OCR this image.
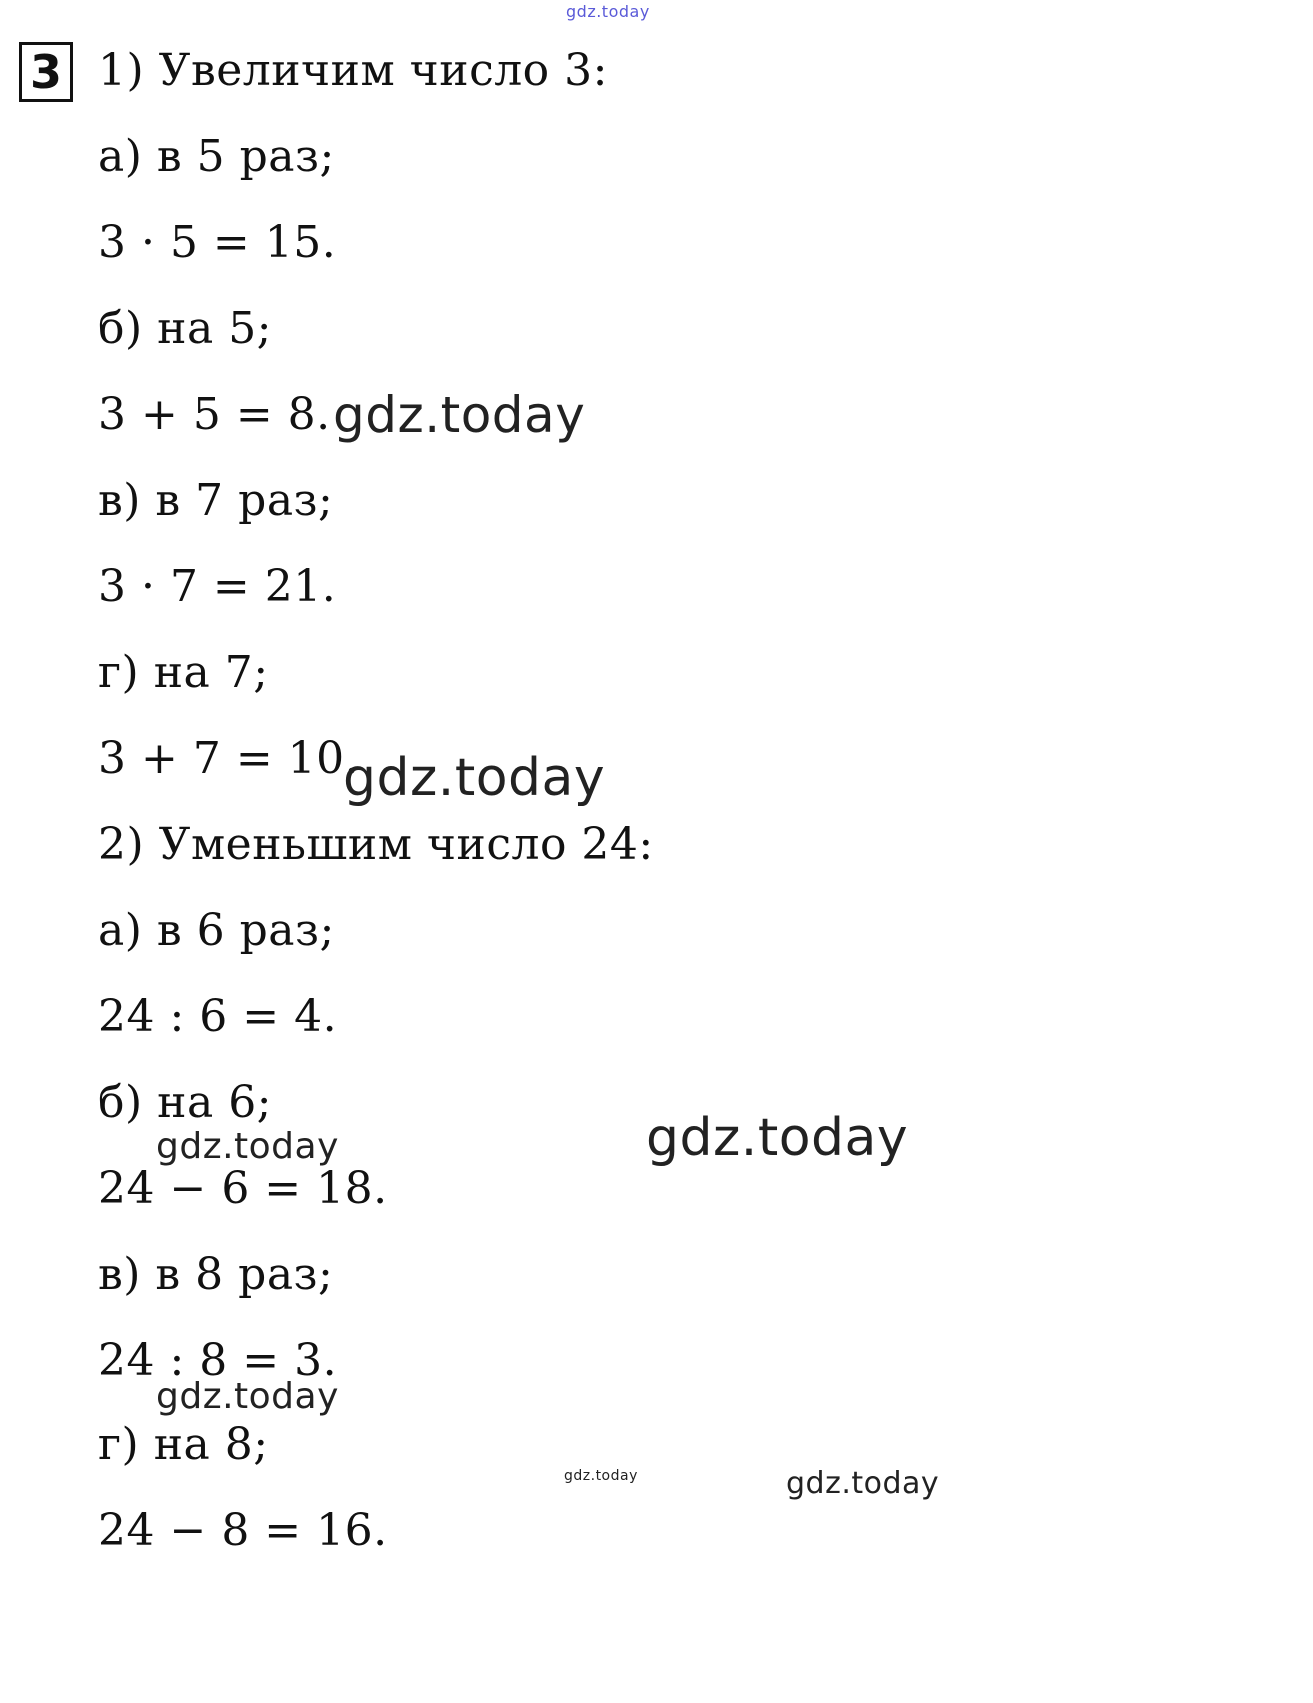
3 1) Увеличим число 3:
а) в 5 раз;
3 · 5 = 15.
б) на 5;
3 + 5 = 8.
в) в 7 раз;
3 · 7 = 21.
г) на 7;
3 + 7 = 10.
2) Уменьшим число 24:
а) в 6 раз;
24 : 6 = 4.
б) на 6;
24 − 6 = 18.
в) в 8 раз;
24 : 8 = 3.
г) на 8;
24 − 8 = 16.
gdz.today
gdz.today
gdz.today
gdz.today
gdz.today
gdz.today
gdz.today	gdz.today
